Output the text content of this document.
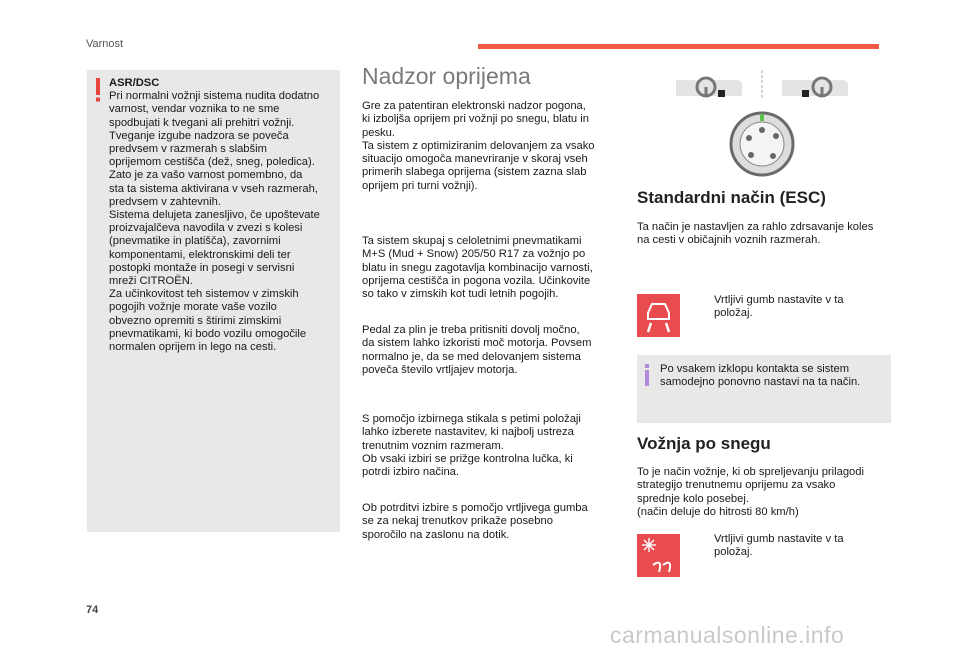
Varnost
ASR/DSC

Pri normalni vožnji sistema nudita dodatno
varnost, vendar voznika to ne sme
spodbujati k tvegani ali prehitri vožnji.
Tveganje izgube nadzora se poveča
predvsem v razmerah s slabšim
oprijemom cestišča (dež, sneg, poledica).
Zato je za vašo varnost pomembno, da
sta ta sistema aktivirana v vseh razmerah,
predvsem v zahtevnih.
Sistema delujeta zanesljivo, če upoštevate
proizvajalčeva navodila v zvezi s kolesi
(pnevmatike in platišča), zavornimi
komponentami, elektronskimi deli ter
postopki montaže in posegi v servisni
mreži CITROËN.
Za učinkovitost teh sistemov v zimskih
pogojih vožnje morate vaše vozilo
obvezno opremiti s štirimi zimskimi
pnevmatikami, ki bodo vozilu omogočile
normalen oprijem in lego na cesti.

Nadzor oprijema

Gre za patentiran elektronski nadzor pogona,
ki izboljša oprijem pri vožnji po snegu, blatu in
pesku.
Ta sistem z optimiziranim delovanjem za vsako
situacijo omogoča manevriranje v skoraj vseh
primerih slabega oprijema (sistem zazna slab
oprijem pri turni vožnji).

Ta sistem skupaj s celoletnimi pnevmatikami
M+S (Mud + Snow) 205/50 R17 za vožnjo po
blatu in snegu zagotavlja kombinacijo varnosti,
oprijema cestišča in pogona vozila. Učinkovite
so tako v zimskih kot tudi letnih pogojih.

Pedal za plin je treba pritisniti dovolj močno,
da sistem lahko izkoristi moč motorja. Povsem
normalno je, da se med delovanjem sistema
poveča število vrtljajev motorja.

S pomočjo izbirnega stikala s petimi položaji
lahko izberete nastavitev, ki najbolj ustreza
trenutnim voznim razmeram.
Ob vsaki izbiri se prižge kontrolna lučka, ki
potrdi izbiro načina.

Ob potrditvi izbire s pomočjo vrtljivega gumba
se za nekaj trenutkov prikaže posebno
sporočilo na zaslonu na dotik.

Standardni način (ESC)

Ta način je nastavljen za rahlo zdrsavanje koles
na cesti v običajnih voznih razmerah.

Vrtljivi gumb nastavite v ta
položaj.
Po vsakem izklopu kontakta se sistem
samodejno ponovno nastavi na ta način.
Vožnja po snegu

To je način vožnje, ki ob spreljevanju prilagodi
strategijo trenutnemu oprijemu za vsako
sprednje kolo posebej.
(način deluje do hitrosti 80 km/h)

Vrtljivi gumb nastavite v ta
položaj.
74
carmanualsonline.info
